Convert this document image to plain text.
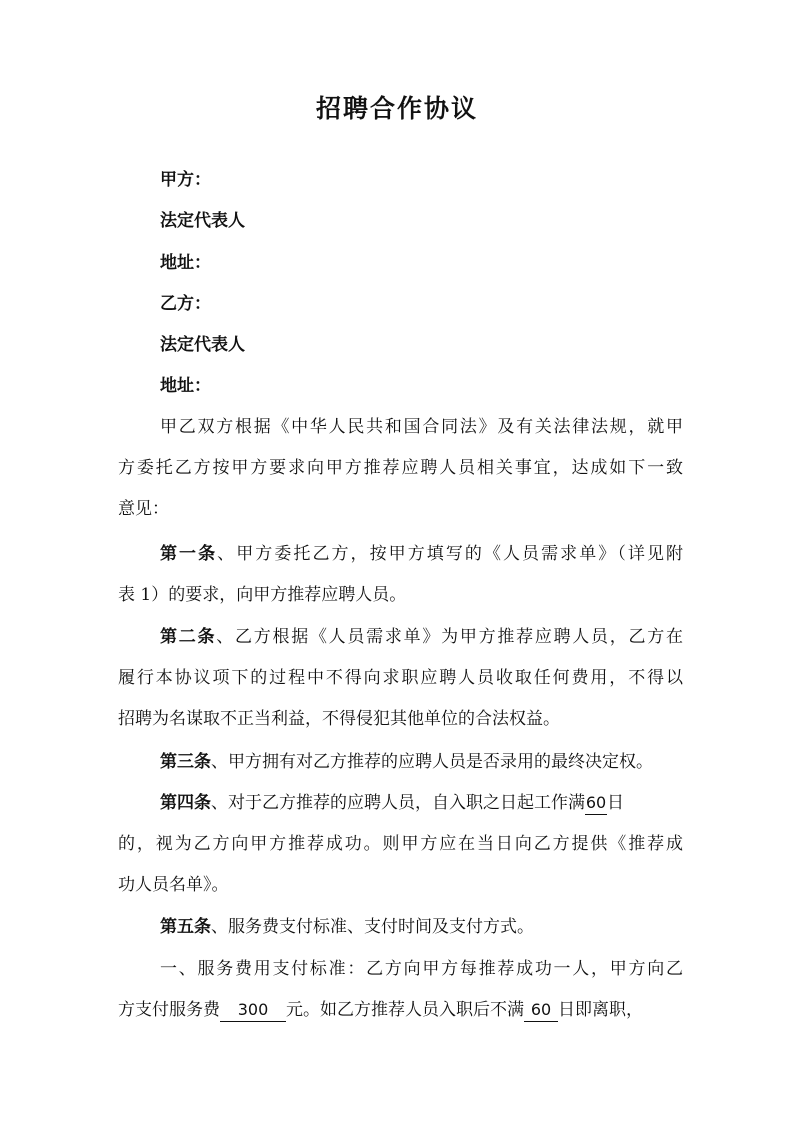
招聘合作协议
甲方：
法定代表人
地址：
乙方：
法定代表人
地址：
甲乙双方根据《中华人民共和国合同法》及有关法律法规，就甲
方委托乙方按甲方要求向甲方推荐应聘人员相关事宜，达成如下一致
意见：
第一条、甲方委托乙方，按甲方填写的《人员需求单》（详见附
表 1）的要求，向甲方推荐应聘人员。
第二条、乙方根据《人员需求单》为甲方推荐应聘人员，乙方在
履行本协议项下的过程中不得向求职应聘人员收取任何费用，不得以
招聘为名谋取不正当利益，不得侵犯其他单位的合法权益。
第三条、甲方拥有对乙方推荐的应聘人员是否录用的最终决定权。
第四条、对于乙方推荐的应聘人员，自入职之日起工作满60日
的，视为乙方向甲方推荐成功。则甲方应在当日向乙方提供《推荐成
功人员名单》。
第五条、服务费支付标准、支付时间及支付方式。
一、服务费用支付标准：乙方向甲方每推荐成功一人，甲方向乙
方支付服务费 300 元。如乙方推荐人员入职后不满 60 日即离职，
